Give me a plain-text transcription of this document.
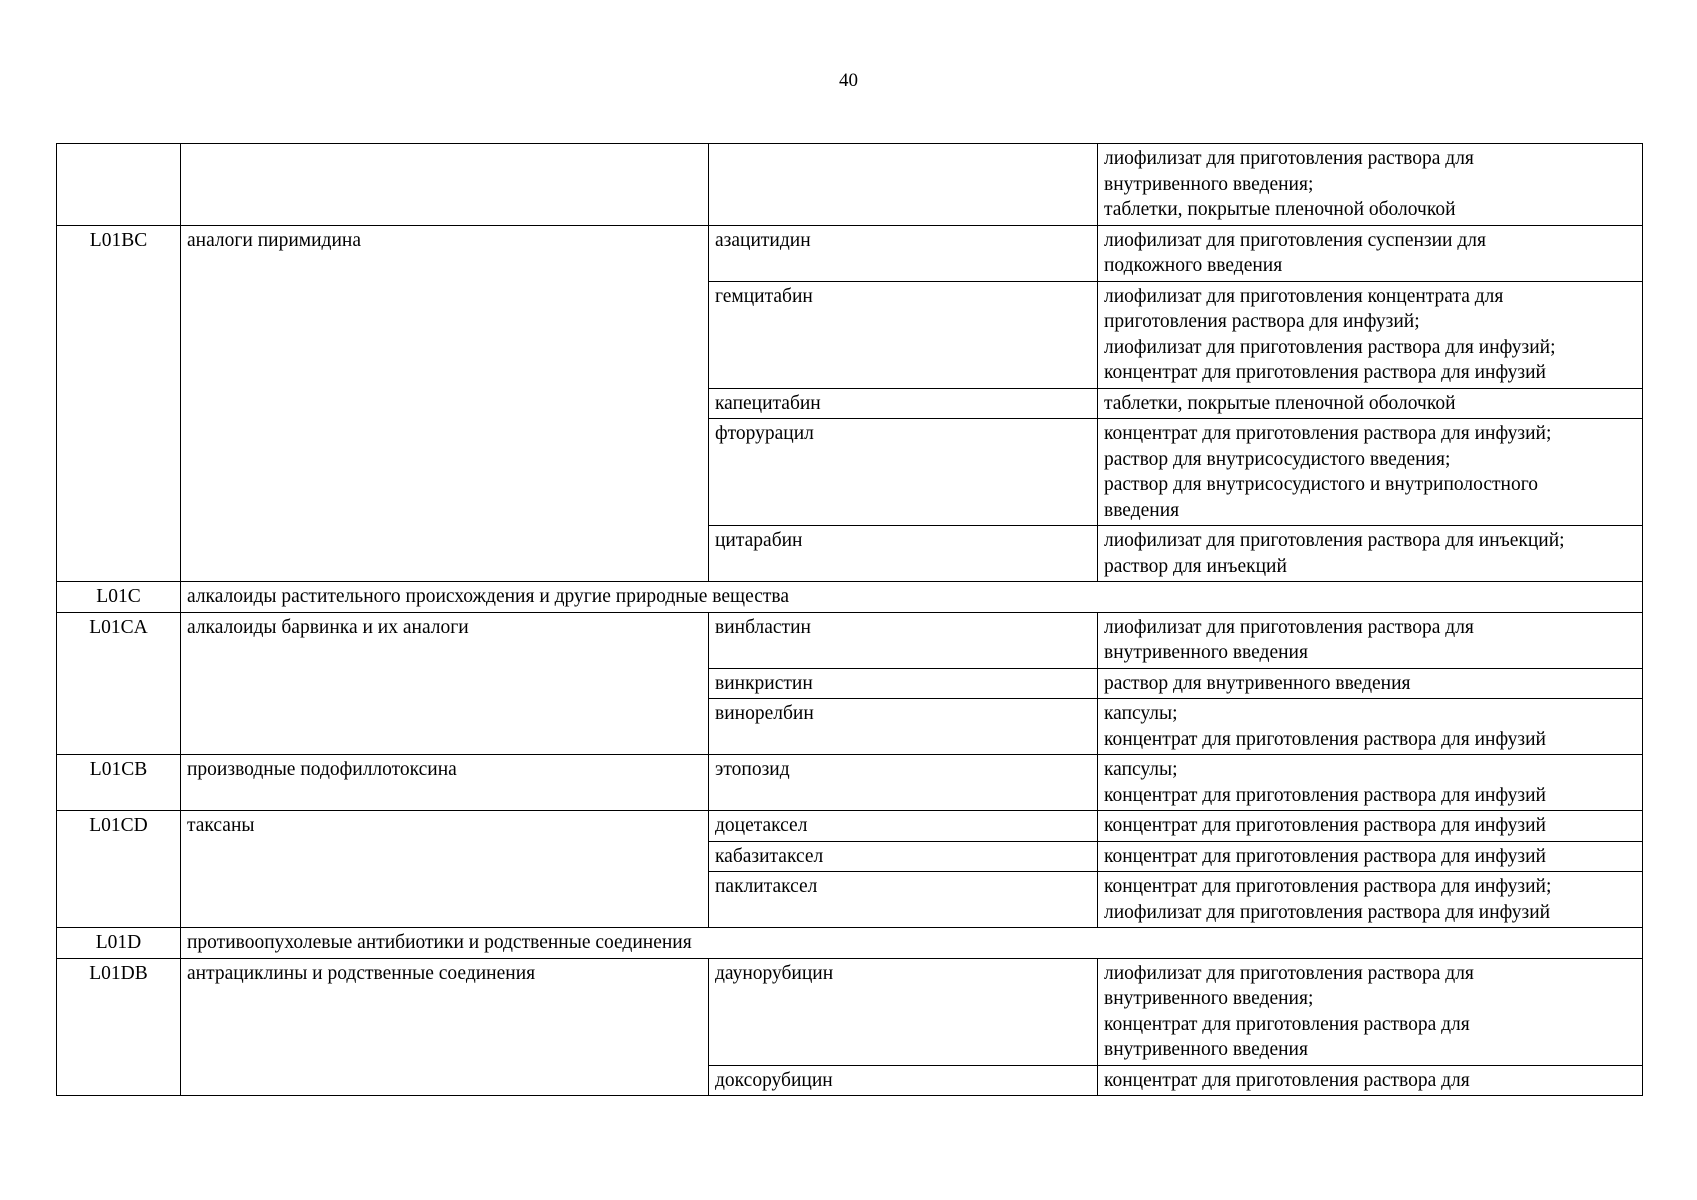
40

			лиофилизат для приготовления раствора для
внутривенного введения;
таблетки, покрытые пленочной оболочкой

L01BC	аналоги пиримидина	азацитидин	лиофилизат для приготовления суспензии для
подкожного введения

		гемцитабин	лиофилизат для приготовления концентрата для
приготовления раствора для инфузий;
лиофилизат для приготовления раствора для инфузий;
концентрат для приготовления раствора для инфузий

		капецитабин	таблетки, покрытые пленочной оболочкой

		фторурацил	концентрат для приготовления раствора для инфузий;
раствор для внутрисосудистого введения;
раствор для внутрисосудистого и внутриполостного
введения

		цитарабин	лиофилизат для приготовления раствора для инъекций;
раствор для инъекций

L01C	алкалоиды растительного происхождения и другие природные вещества		
L01CA	алкалоиды барвинка и их аналоги	винбластин	лиофилизат для приготовления раствора для
внутривенного введения

		винкристин	раствор для внутривенного введения

		винорелбин	капсулы;
концентрат для приготовления раствора для инфузий

L01CB	производные подофиллотоксина	этопозид	капсулы;
концентрат для приготовления раствора для инфузий

L01CD	таксаны	доцетаксел	концентрат для приготовления раствора для инфузий

		кабазитаксел	концентрат для приготовления раствора для инфузий

		паклитаксел	концентрат для приготовления раствора для инфузий;
лиофилизат для приготовления раствора для инфузий

L01D	противоопухолевые антибиотики и родственные соединения		
L01DB	антрациклины и родственные соединения	даунорубицин	лиофилизат для приготовления раствора для
внутривенного введения;
концентрат для приготовления раствора для
внутривенного введения

		доксорубицин	концентрат для приготовления раствора для
